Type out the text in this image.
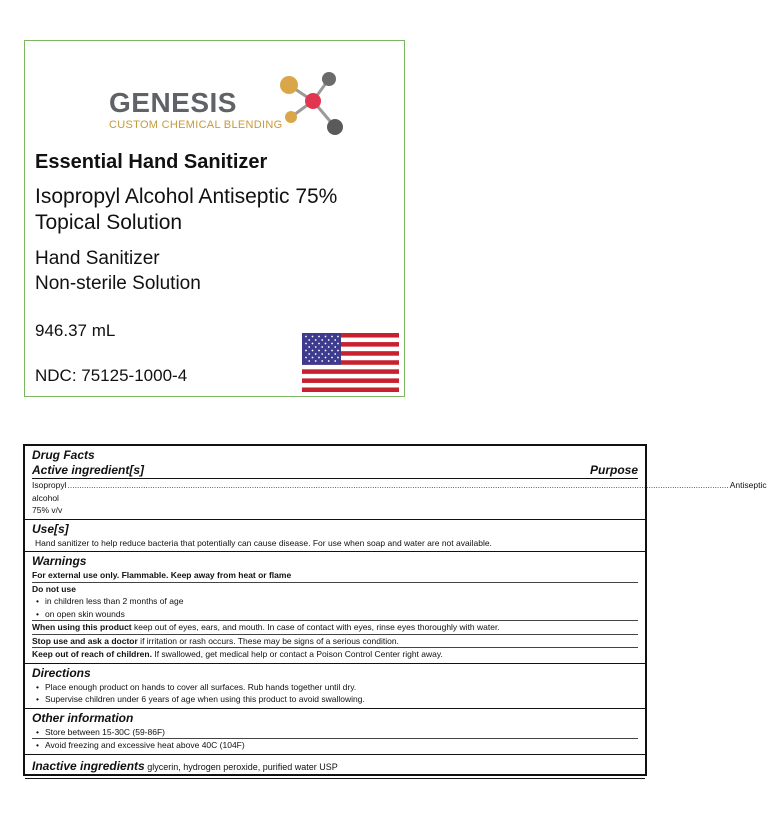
GENESIS
CUSTOM CHEMICAL BLENDING
Essential Hand Sanitizer
Isopropyl Alcohol Antiseptic 75%
Topical Solution
Hand Sanitizer
Non-sterile Solution
946.37 mL
NDC: 75125-1000-4
Drug Facts
Active ingredient[s]	Purpose
Isopropyl alcohol 75% v/v
........................................................................................................................................................................................................................................................................................ Antiseptic
Use[s]
Hand sanitizer to help reduce bacteria that potentially can cause disease. For use when soap and water are not available.
Warnings
For external use only. Flammable. Keep away from heat or flame
Do not use
• in children less than 2 months of age
• on open skin wounds
When using this product keep out of eyes, ears, and mouth. In case of contact with eyes, rinse eyes thoroughly with water.
Stop use and ask a doctor if irritation or rash occurs. These may be signs of a serious condition.
Keep out of reach of children. If swallowed, get medical help or contact a Poison Control Center right away.
Directions
• Place enough product on hands to cover all surfaces. Rub hands together until dry.
• Supervise children under 6 years of age when using this product to avoid swallowing.
Other information
• Store between 15-30C (59-86F)
• Avoid freezing and excessive heat above 40C (104F)
Inactive ingredients glycerin, hydrogen peroxide, purified water USP
